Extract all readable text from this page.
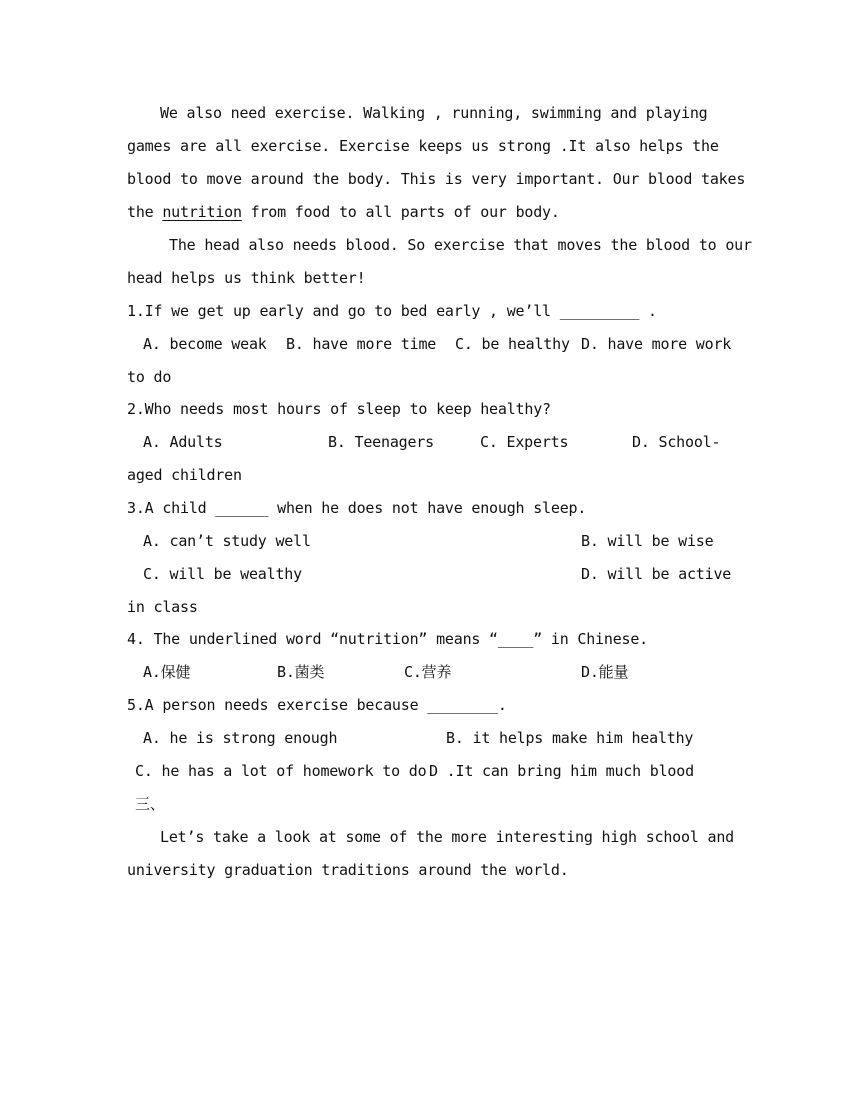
We also need exercise. Walking , running, swimming and playing
games are all exercise. Exercise keeps us strong .It also helps the
blood to move around the body. This is very important. Our blood takes
the nutrition from food to all parts of our body.
The head also needs blood. So exercise that moves the blood to our
head helps us think better!
1.If we get up early and go to bed early , we’ll _________ .
A. become weak B. have more time C. be healthy D. have more work
to do
2.Who needs most hours of sleep to keep healthy?
A. Adults	B. Teenagers	C. Experts	D. School-
aged children
3.A child ______ when he does not have enough sleep.
A. can’t study well	B. will be wise
C. will be wealthy	D. will be active
in class
4. The underlined word “nutrition” means “____” in Chinese.
A.保健	B.菌类	C.营养	D.能量
5.A person needs exercise because ________.
A. he is strong enough	B. it helps make him healthy
C. he has a lot of homework to do D .It can bring him much blood
三、
Let’s take a look at some of the more interesting high school and
university graduation traditions around the world.
